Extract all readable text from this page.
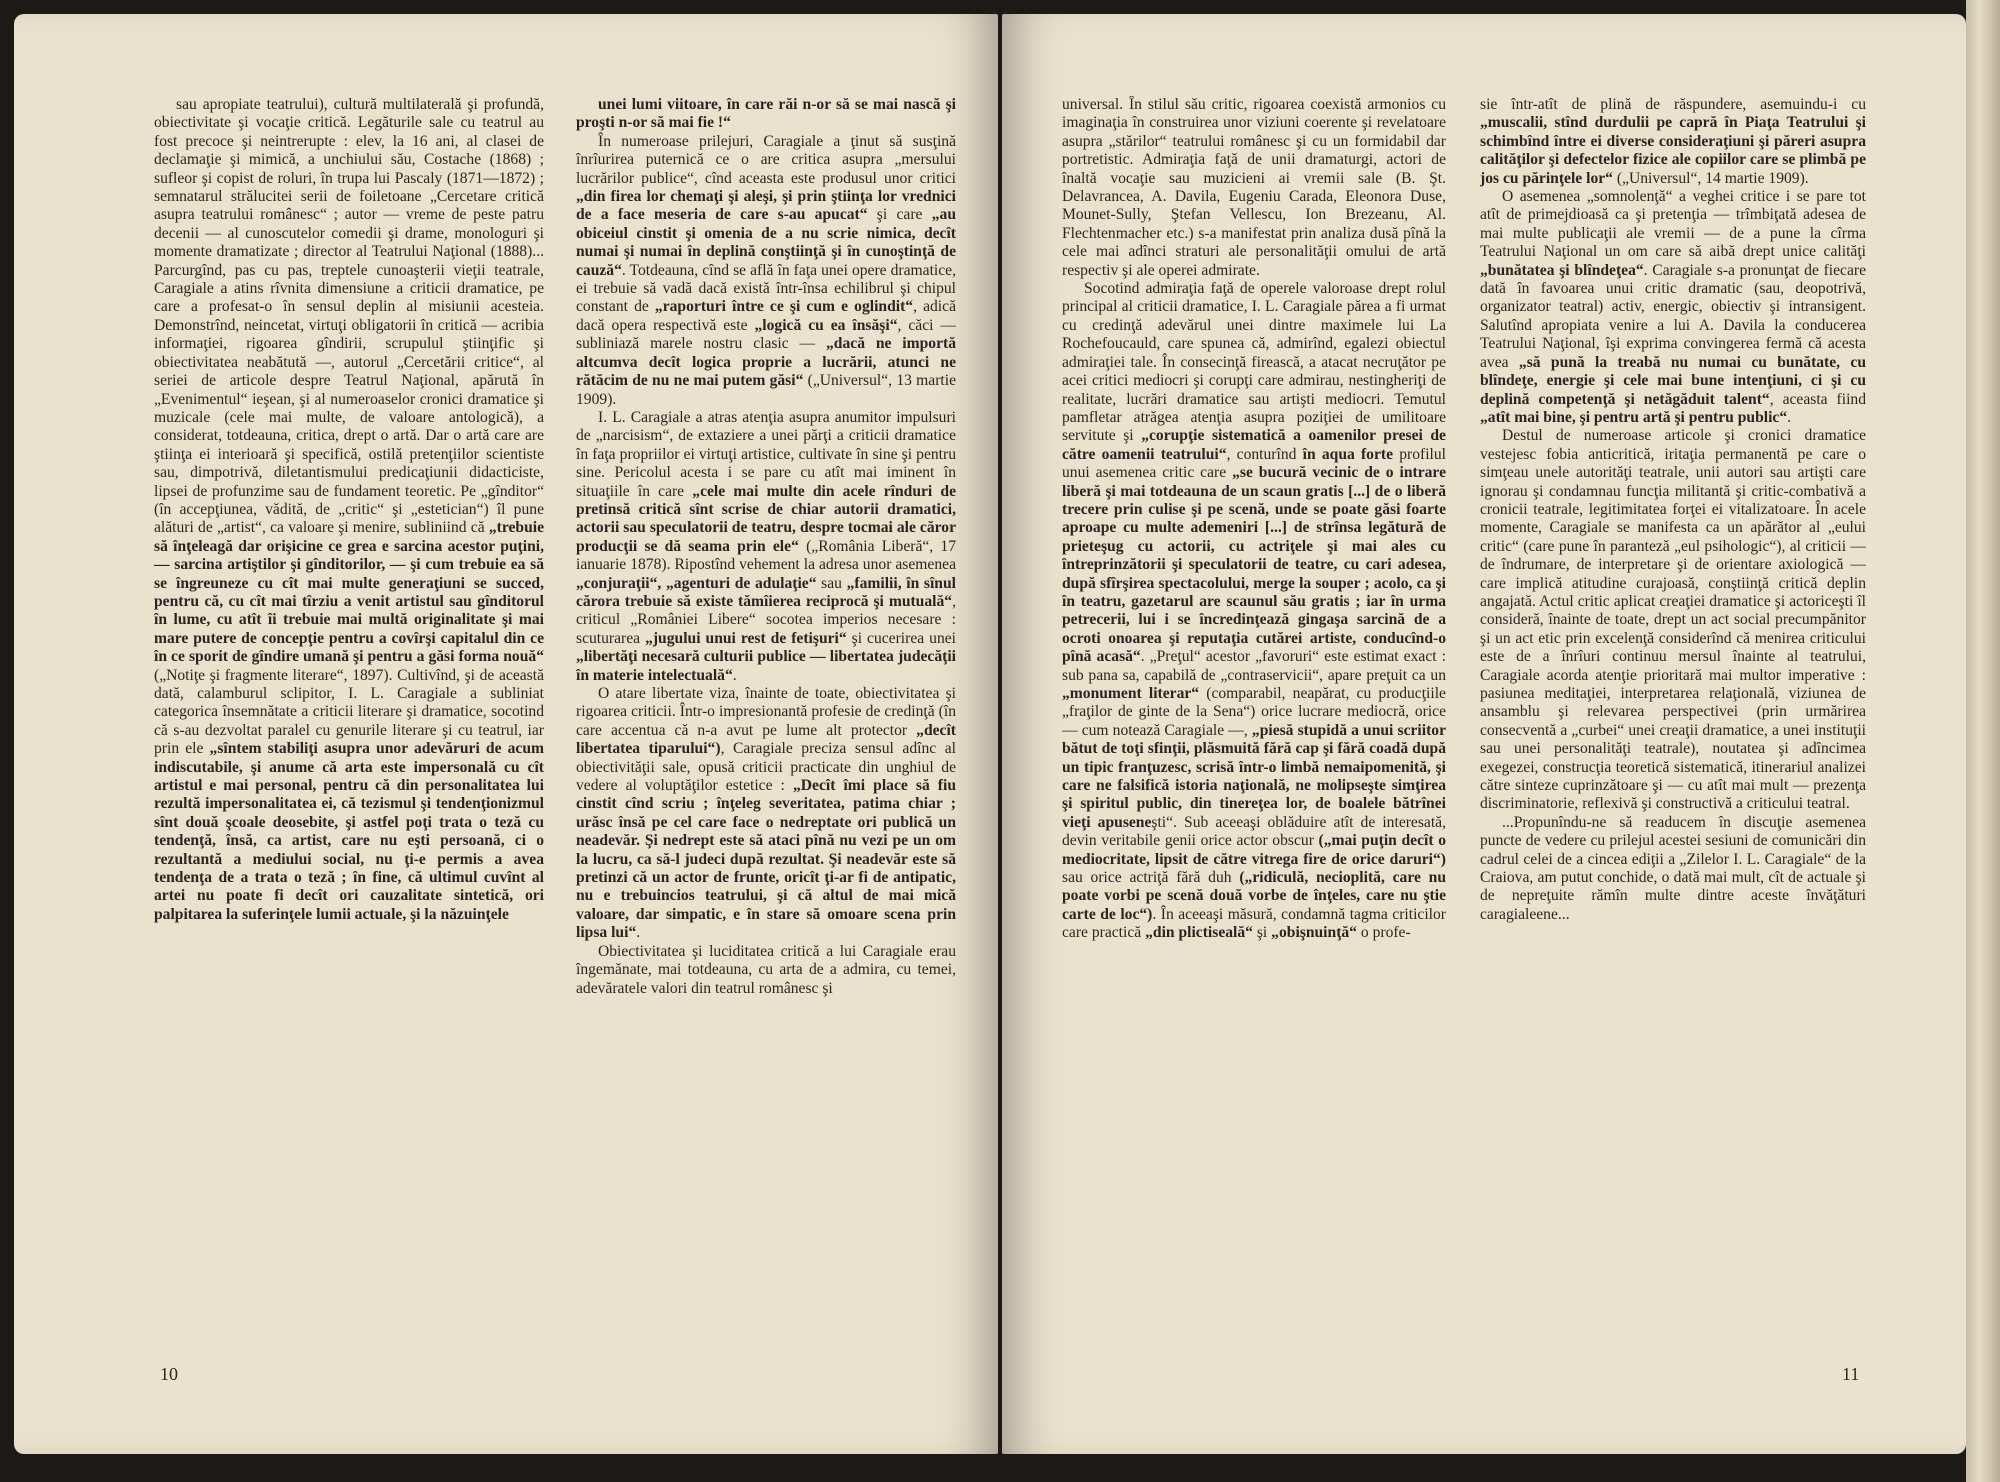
sau apropiate teatrului), cultură multilaterală şi profundă, obiectivitate şi vocaţie critică. Legăturile sale cu teatrul au fost precoce şi neintrerupte : elev, la 16 ani, al clasei de declamaţie şi mimică, a unchiului său, Costache (1868) ; sufleor şi copist de roluri, în trupa lui Pascaly (1871—1872) ; semnatarul strălucitei serii de foiletoane „Cercetare critică asupra teatrului românesc“ ; autor — vreme de peste patru decenii — al cunoscutelor comedii şi drame, monologuri şi momente dramatizate ; director al Teatrului Naţional (1888)... Parcurgînd, pas cu pas, treptele cunoaşterii vieţii teatrale, Caragiale a atins rîvnita dimensiune a criticii dramatice, pe care a profesat-o în sensul deplin al misiunii acesteia. Demonstrînd, neincetat, virtuţi obligatorii în critică — acribia informaţiei, rigoarea gîndirii, scrupulul ştiinţific şi obiectivitatea neabătută —, autorul „Cercetării critice“, al seriei de articole despre Teatrul Naţional, apărută în „Evenimentul“ ieşean, şi al numeroaselor cronici dramatice şi muzicale (cele mai multe, de valoare antologică), a considerat, totdeauna, critica, drept o artă. Dar o artă care are ştiinţa ei interioară şi specifică, ostilă pretenţiilor scientiste sau, dimpotrivă, diletantismului predicaţiunii didacticiste, lipsei de profunzime sau de fundament teoretic. Pe „gînditor“ (în accepţiunea, vădită, de „critic“ şi „estetician“) îl pune alături de „artist“, ca valoare şi menire, subliniind că „trebuie să înţeleagă dar orişicine ce grea e sarcina acestor puţini, — sarcina artiştilor şi gînditorilor, — şi cum trebuie ea să se îngreuneze cu cît mai multe generaţiuni se succed, pentru că, cu cît mai tîrziu a venit artistul sau gînditorul în lume, cu atît îi trebuie mai multă originalitate şi mai mare putere de concepţie pentru a covîrşi capitalul din ce în ce sporit de gîndire umană şi pentru a găsi forma nouă“ („Notiţe şi fragmente literare“, 1897). Cultivînd, şi de această dată, calamburul sclipitor, I. L. Caragiale a subliniat categorica însemnătate a criticii literare şi dramatice, socotind că s-au dezvoltat paralel cu genurile literare şi cu teatrul, iar prin ele „sîntem stabiliţi asupra unor adevăruri de acum indiscutabile, şi anume că arta este impersonală cu cît artistul e mai personal, pentru că din personalitatea lui rezultă impersonalitatea ei, că tezismul şi tendenţionizmul sînt două şcoale deosebite, şi astfel poţi trata o teză cu tendenţă, însă, ca artist, care nu eşti persoană, ci o rezultantă a mediului social, nu ţi-e permis a avea tendenţa de a trata o teză ; în fine, că ultimul cuvînt al artei nu poate fi decît ori cauzalitate sintetică, ori palpitarea la suferinţele lumii actuale, şi la năzuinţele

unei lumi viitoare, în care răi n-or să se mai nască şi proşti n-or să mai fie !“

În numeroase prilejuri, Caragiale a ţinut să susţină înrîurirea puternică ce o are critica asupra „mersului lucrărilor publice“, cînd aceasta este produsul unor critici „din firea lor chemaţi şi aleşi, şi prin ştiinţa lor vrednici de a face meseria de care s-au apucat“ şi care „au obiceiul cinstit şi omenia de a nu scrie nimica, decît numai şi numai în deplină conştiinţă şi în cunoştinţă de cauză“. Totdeauna, cînd se află în faţa unei opere dramatice, ei trebuie să vadă dacă există într-însa echilibrul şi chipul constant de „raporturi între ce şi cum e oglindit“, adică dacă opera respectivă este „logică cu ea însăşi“, căci — subliniază marele nostru clasic — „dacă ne importă altcumva decît logica proprie a lucrării, atunci ne rătăcim de nu ne mai putem găsi“ („Universul“, 13 martie 1909).

I. L. Caragiale a atras atenţia asupra anumitor impulsuri de „narcisism“, de extaziere a unei părţi a criticii dramatice în faţa propriilor ei virtuţi artistice, cultivate în sine şi pentru sine. Pericolul acesta i se pare cu atît mai iminent în situaţiile în care „cele mai multe din acele rînduri de pretinsă critică sînt scrise de chiar autorii dramatici, actorii sau speculatorii de teatru, despre tocmai ale căror producţii se dă seama prin ele“ („România Liberă“, 17 ianuarie 1878). Ripostînd vehement la adresa unor asemenea „conjuraţii“, „agenturi de adulaţie“ sau „familii, în sînul cărora trebuie să existe tămîierea reciprocă şi mutuală“, criticul „României Libere“ socotea imperios necesare : scuturarea „jugului unui rest de fetişuri“ şi cucerirea unei „libertăţi necesară culturii publice — libertatea judecăţii în materie intelectuală“.

O atare libertate viza, înainte de toate, obiectivitatea şi rigoarea criticii. Într-o impresionantă profesie de credinţă (în care accentua că n-a avut pe lume alt protector „decît libertatea tiparului“), Caragiale preciza sensul adînc al obiectivităţii sale, opusă criticii practicate din unghiul de vedere al voluptăţilor estetice : „Decît îmi place să fiu cinstit cînd scriu ; înţeleg severitatea, patima chiar ; urăsc însă pe cel care face o nedreptate ori publică un neadevăr. Şi nedrept este să ataci pînă nu vezi pe un om la lucru, ca să-l judeci după rezultat. Şi neadevăr este să pretinzi că un actor de frunte, oricît ţi-ar fi de antipatic, nu e trebuincios teatrului, şi că altul de mai mică valoare, dar simpatic, e în stare să omoare scena prin lipsa lui“.

Obiectivitatea şi luciditatea critică a lui Caragiale erau îngemănate, mai totdeauna, cu arta de a admira, cu temei, adevăratele valori din teatrul românesc şi

10

universal. În stilul său critic, rigoarea coexistă armonios cu imaginaţia în construirea unor viziuni coerente şi revelatoare asupra „stărilor“ teatrului românesc şi cu un formidabil dar portretistic. Admiraţia faţă de unii dramaturgi, actori de înaltă vocaţie sau muzicieni ai vremii sale (B. Şt. Delavrancea, A. Davila, Eugeniu Carada, Eleonora Duse, Mounet-Sully, Ştefan Vellescu, Ion Brezeanu, Al. Flechtenmacher etc.) s-a manifestat prin analiza dusă pînă la cele mai adînci straturi ale personalităţii omului de artă respectiv şi ale operei admirate.

Socotind admiraţia faţă de operele valoroase drept rolul principal al criticii dramatice, I. L. Caragiale părea a fi urmat cu credinţă adevărul unei dintre maximele lui La Rochefoucauld, care spunea că, admirînd, egalezi obiectul admiraţiei tale. În consecinţă firească, a atacat necruţător pe acei critici mediocri şi corupţi care admirau, nestingheriţi de realitate, lucrări dramatice sau artişti mediocri. Temutul pamfletar atrăgea atenţia asupra poziţiei de umilitoare servitute şi „corupţie sistematică a oamenilor presei de către oamenii teatrului“, conturînd în aqua forte profilul unui asemenea critic care „se bucură vecinic de o intrare liberă şi mai totdeauna de un scaun gratis [...] de o liberă trecere prin culise şi pe scenă, unde se poate găsi foarte aproape cu multe ademeniri [...] de strînsa legătură de prieteşug cu actorii, cu actriţele şi mai ales cu întreprinzătorii şi speculatorii de teatre, cu cari adesea, după sfîrşirea spectacolului, merge la souper ; acolo, ca şi în teatru, gazetarul are scaunul său gratis ; iar în urma petrecerii, lui i se încredinţează gingaşa sarcină de a ocroti onoarea şi reputaţia cutărei artiste, conducînd-o pînă acasă“. „Preţul“ acestor „favoruri“ este estimat exact : sub pana sa, capabilă de „contraservicii“, apare preţuit ca un „monument literar“ (comparabil, neapărat, cu producţiile „fraţilor de ginte de la Sena“) orice lucrare mediocră, orice — cum notează Caragiale —, „piesă stupidă a unui scriitor bătut de toţi sfinţii, plăsmuită fără cap şi fără coadă după un tipic franţuzesc, scrisă într-o limbă nemaipomenită, şi care ne falsifică istoria naţională, ne molipseşte simţirea şi spiritul public, din tinereţea lor, de boalele bătrînei vieţi apuseneşti“. Sub aceeaşi oblăduire atît de interesată, devin veritabile genii orice actor obscur („mai puţin decît o mediocritate, lipsit de către vitrega fire de orice daruri“) sau orice actriţă fără duh („ridiculă, necioplită, care nu poate vorbi pe scenă două vorbe de înţeles, care nu ştie carte de loc“). În aceeaşi măsură, condamnă tagma criticilor care practică „din plictiseală“ şi „obişnuinţă“ o profe-

sie într-atît de plină de răspundere, asemuindu-i cu „muscalii, stînd durdulii pe capră în Piaţa Teatrului şi schimbînd între ei diverse consideraţiuni şi păreri asupra calităţilor şi defectelor fizice ale copiilor care se plimbă pe jos cu părinţele lor“ („Universul“, 14 martie 1909).

O asemenea „somnolenţă“ a veghei critice i se pare tot atît de primejdioasă ca şi pretenţia — trîmbiţată adesea de mai multe publicaţii ale vremii — de a pune la cîrma Teatrului Naţional un om care să aibă drept unice calităţi „bunătatea şi blîndeţea“. Caragiale s-a pronunţat de fiecare dată în favoarea unui critic dramatic (sau, deopotrivă, organizator teatral) activ, energic, obiectiv şi intransigent. Salutînd apropiata venire a lui A. Davila la conducerea Teatrului Naţional, îşi exprima convingerea fermă că acesta avea „să pună la treabă nu numai cu bunătate, cu blîndeţe, energie şi cele mai bune intenţiuni, ci şi cu deplină competenţă şi netăgăduit talent“, aceasta fiind „atît mai bine, şi pentru artă şi pentru public“.

Destul de numeroase articole şi cronici dramatice vestejesc fobia anticritică, iritaţia permanentă pe care o simţeau unele autorităţi teatrale, unii autori sau artişti care ignorau şi condamnau funcţia militantă şi critic-combativă a cronicii teatrale, legitimitatea forţei ei vitalizatoare. În acele momente, Caragiale se manifesta ca un apărător al „eului critic“ (care pune în paranteză „eul psihologic“), al criticii — de îndrumare, de interpretare şi de orientare axiologică — care implică atitudine curajoasă, conştiinţă critică deplin angajată. Actul critic aplicat creaţiei dramatice şi actoriceşti îl consideră, înainte de toate, drept un act social precumpănitor şi un act etic prin excelenţă considerînd că menirea criticului este de a înrîuri continuu mersul înainte al teatrului, Caragiale acorda atenţie prioritară mai multor imperative : pasiunea meditaţiei, interpretarea relaţională, viziunea de ansamblu şi relevarea perspectivei (prin urmărirea consecventă a „curbei“ unei creaţii dramatice, a unei instituţii sau unei personalităţi teatrale), noutatea şi adîncimea exegezei, construcţia teoretică sistematică, itinerariul analizei către sinteze cuprinzătoare şi — cu atît mai mult — prezenţa discriminatorie, reflexivă şi constructivă a criticului teatral.

...Propunîndu-ne să readucem în discuţie asemenea puncte de vedere cu prilejul acestei sesiuni de comunicări din cadrul celei de a cincea ediţii a „Zilelor I. L. Caragiale“ de la Craiova, am putut conchide, o dată mai mult, cît de actuale şi de nepreţuite rămîn multe dintre aceste învăţături caragialeene...

11
